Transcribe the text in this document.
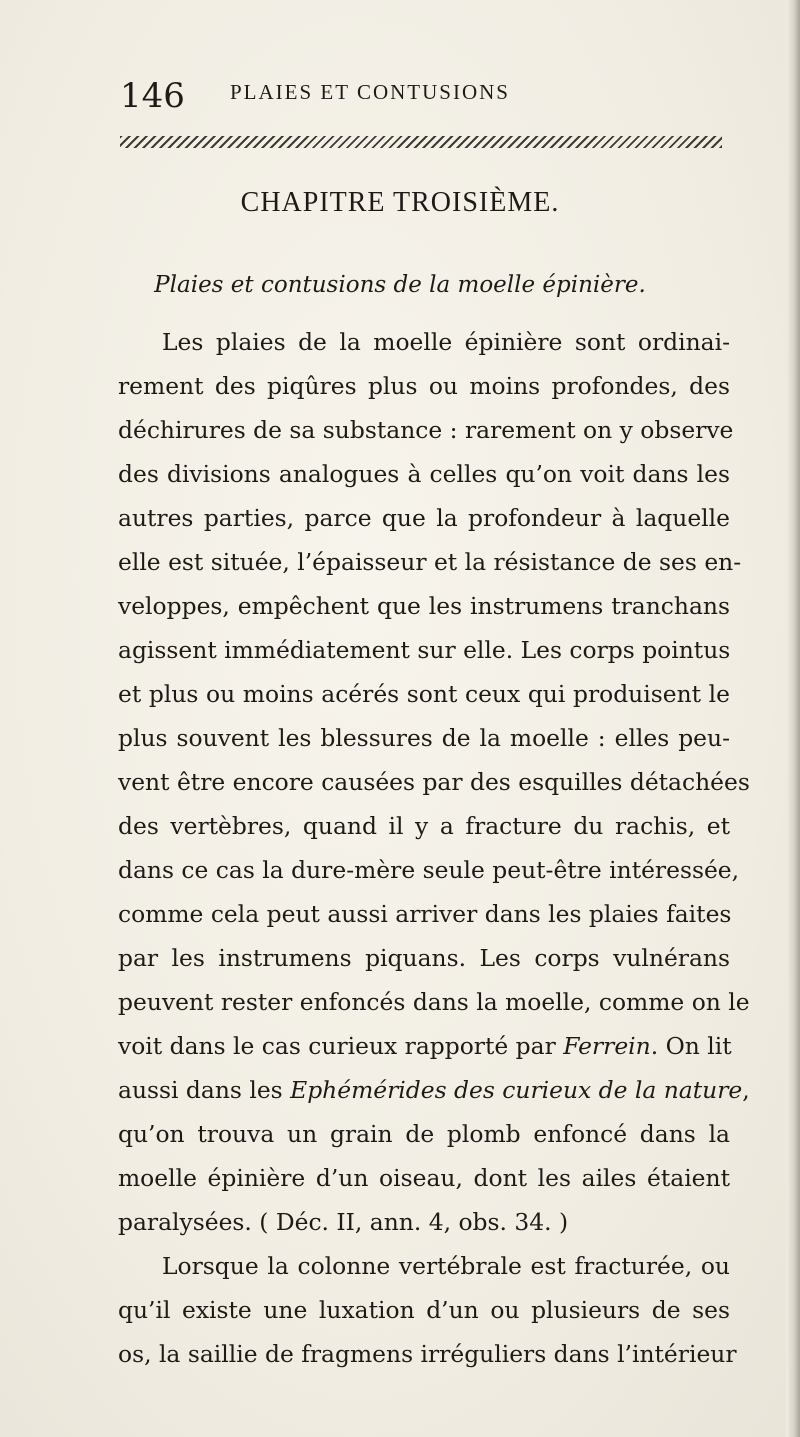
146 PLAIES ET CONTUSIONS
CHAPITRE TROISIÈME.
Plaies et contusions de la moelle épinière.
Les plaies de la moelle épinière sont ordinai-
rement des piqûres plus ou moins profondes, des
déchirures de sa substance : rarement on y observe
des divisions analogues à celles qu’on voit dans les
autres parties, parce que la profondeur à laquelle
elle est située, l’épaisseur et la résistance de ses en-
veloppes, empêchent que les instrumens tranchans
agissent immédiatement sur elle. Les corps pointus
et plus ou moins acérés sont ceux qui produisent le
plus souvent les blessures de la moelle : elles peu-
vent être encore causées par des esquilles détachées
des vertèbres, quand il y a fracture du rachis, et
dans ce cas la dure-mère seule peut-être intéressée,
comme cela peut aussi arriver dans les plaies faites
par les instrumens piquans. Les corps vulnérans
peuvent rester enfoncés dans la moelle, comme on le
voit dans le cas curieux rapporté par Ferrein. On lit
aussi dans les Ephémérides des curieux de la nature,
qu’on trouva un grain de plomb enfoncé dans la
moelle épinière d’un oiseau, dont les ailes étaient
paralysées. ( Déc. II, ann. 4, obs. 34. )
Lorsque la colonne vertébrale est fracturée, ou
qu’il existe une luxation d’un ou plusieurs de ses
os, la saillie de fragmens irréguliers dans l’intérieur
